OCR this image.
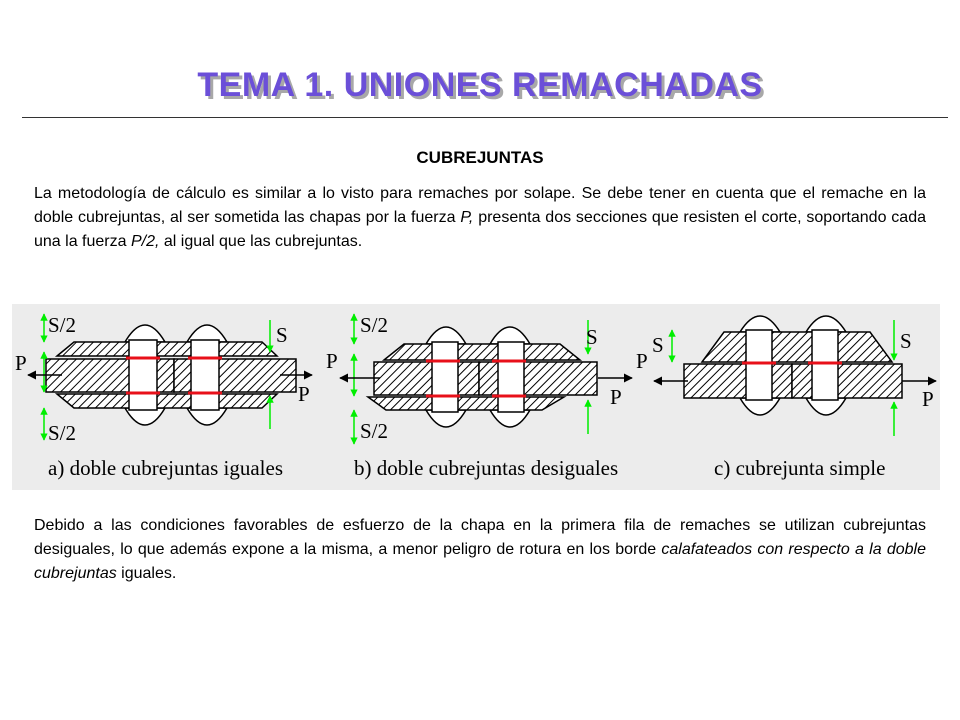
TEMA 1. UNIONES REMACHADAS
CUBREJUNTAS
La metodología de cálculo es similar a lo visto para remaches por solape. Se debe tener en cuenta que el remache en la doble cubrejuntas, al ser sometida las chapas por la fuerza P, presenta dos secciones que resisten el corte, soportando cada una la fuerza P/2, al igual que las cubrejuntas.
S/2
S/2
S
P
P
a) doble cubrejuntas iguales
S/2
S/2
S
P
P
b) doble cubrejuntas desiguales
S	S
P
P
c) cubrejunta simple
Debido a las condiciones favorables de esfuerzo de la chapa en la primera fila de remaches se utilizan cubrejuntas desiguales, lo que además expone a la misma, a menor peligro de rotura en los borde calafateados con respecto a la doble cubrejuntas iguales.
